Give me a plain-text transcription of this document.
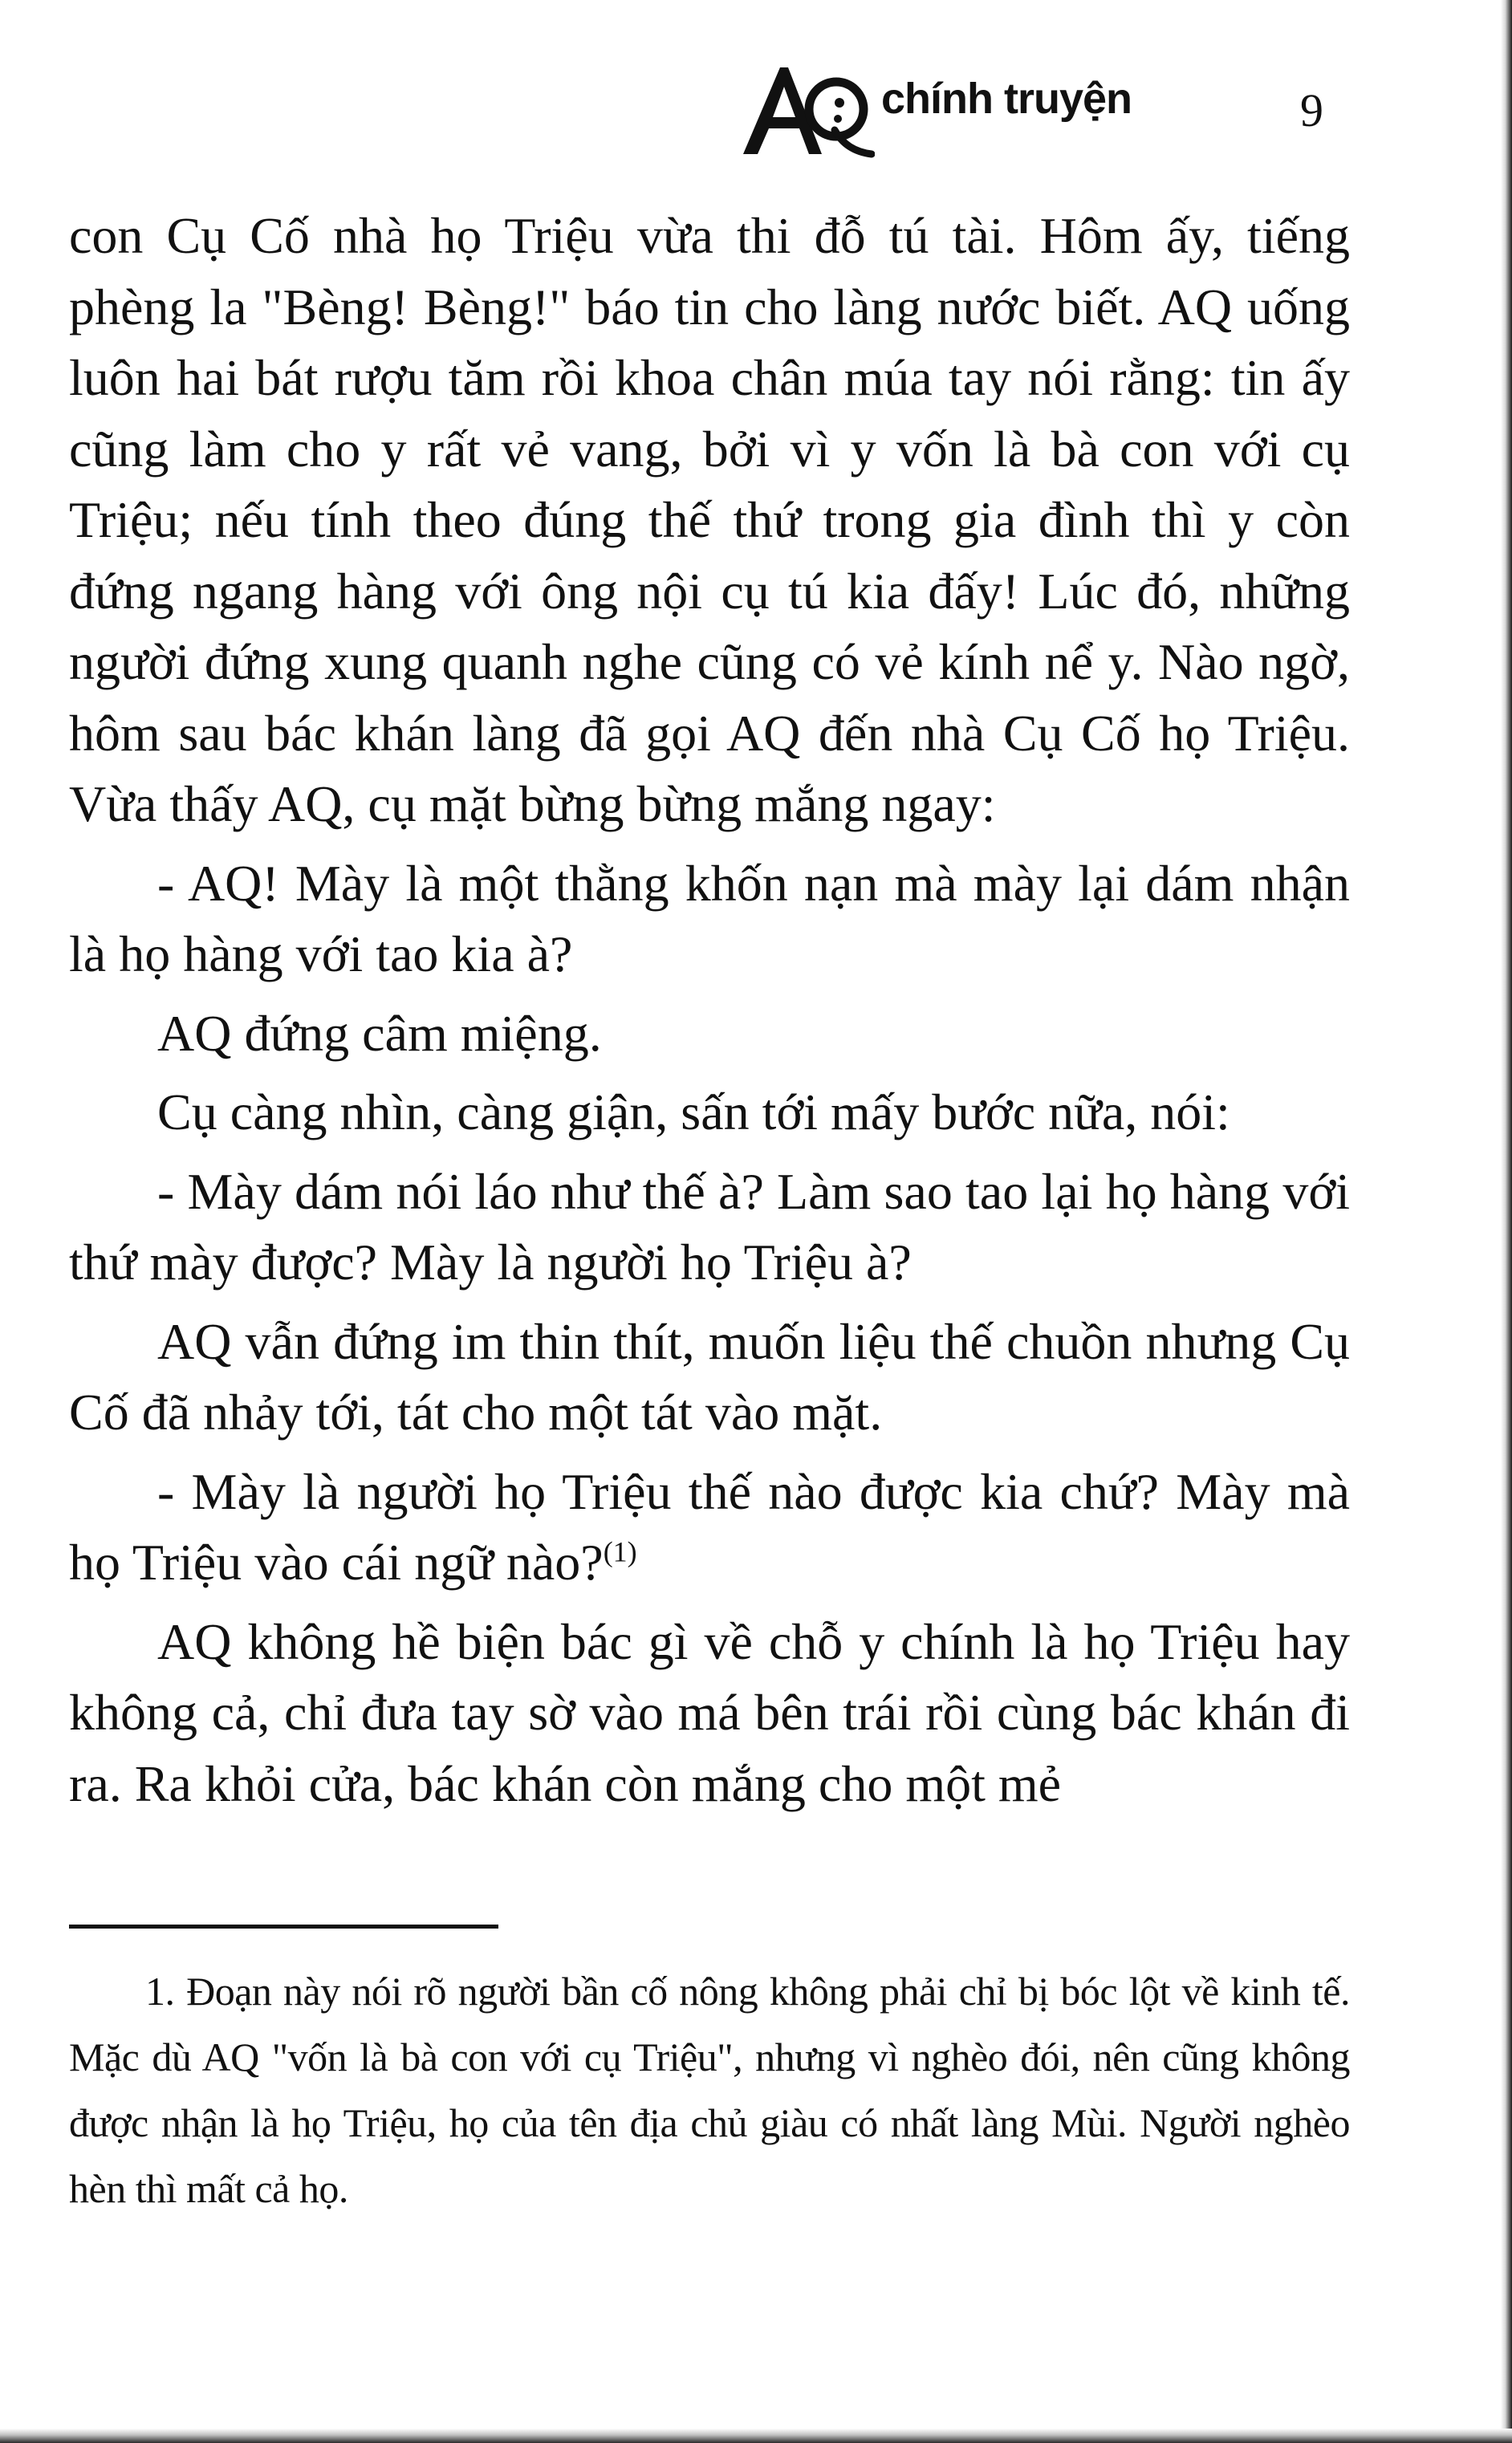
chính truyện	9

con Cụ Cố nhà họ Triệu vừa thi đỗ tú tài. Hôm ấy, tiếng phèng la "Bèng! Bèng!" báo tin cho làng nước biết. AQ uống luôn hai bát rượu tăm rồi khoa chân múa tay nói rằng: tin ấy cũng làm cho y rất vẻ vang, bởi vì y vốn là bà con với cụ Triệu; nếu tính theo đúng thế thứ trong gia đình thì y còn đứng ngang hàng với ông nội cụ tú kia đấy! Lúc đó, những người đứng xung quanh nghe cũng có vẻ kính nể y. Nào ngờ, hôm sau bác khán làng đã gọi AQ đến nhà Cụ Cố họ Triệu. Vừa thấy AQ, cụ mặt bừng bừng mắng ngay:

- AQ! Mày là một thằng khốn nạn mà mày lại dám nhận là họ hàng với tao kia à?

AQ đứng câm miệng.

Cụ càng nhìn, càng giận, sấn tới mấy bước nữa, nói:

- Mày dám nói láo như thế à? Làm sao tao lại họ hàng với thứ mày được? Mày là người họ Triệu à?

AQ vẫn đứng im thin thít, muốn liệu thế chuồn nhưng Cụ Cố đã nhảy tới, tát cho một tát vào mặt.

- Mày là người họ Triệu thế nào được kia chứ? Mày mà họ Triệu vào cái ngữ nào?$^{(1)}$

AQ không hề biện bác gì về chỗ y chính là họ Triệu hay không cả, chỉ đưa tay sờ vào má bên trái rồi cùng bác khán đi ra. Ra khỏi cửa, bác khán còn mắng cho một mẻ

1. Đoạn này nói rõ người bần cố nông không phải chỉ bị bóc lột về kinh tế. Mặc dù AQ "vốn là bà con với cụ Triệu", nhưng vì nghèo đói, nên cũng không được nhận là họ Triệu, họ của tên địa chủ giàu có nhất làng Mùi. Người nghèo hèn thì mất cả họ.
